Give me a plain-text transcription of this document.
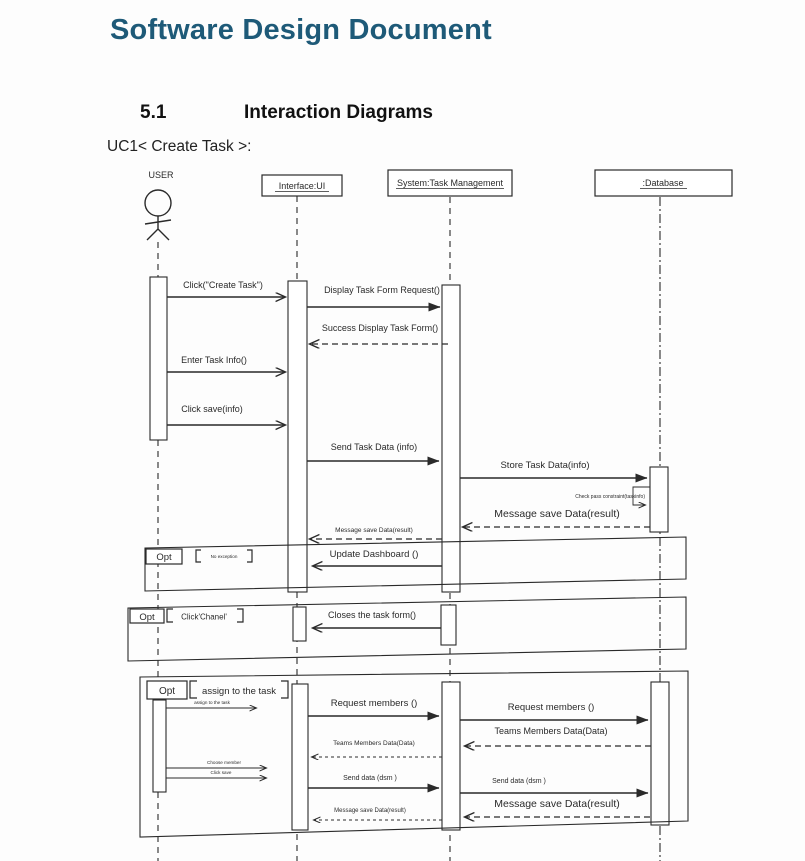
Software Design Document
5.1	Interaction Diagrams
UC1< Create Task >:
USER
Interface:UI	System:Task Management	:Database
Opt	No exception
Opt	Click'Chanel'
Opt	assign to the task
Click("Create Task")	Display Task Form Request()
Success Display Task Form()
Enter Task Info()
Click save(info)
Send Task Data (info)
Store Task Data(info)
Check pass constraint(taskinfo)
Message save Data(result)
Message save Data(result)
Update Dashboard ()
Closes the task form()
assign to the task	Request members ()	Request members ()
Teams Members Data(Data)
Teams Members Data(Data)
Choose member
Click save
Send data (dsm )	Send data (dsm )
Message save Data(result)
Message save Data(result)
